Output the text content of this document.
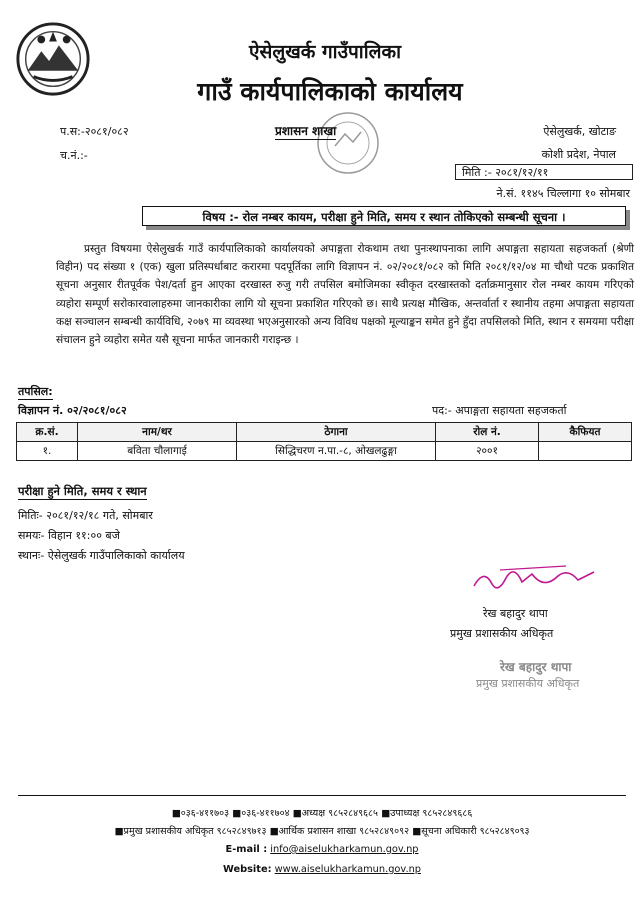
ऐसेलुखर्क गाउँपालिका
गाउँ कार्यपालिकाको कार्यालय
प.स:-२०८१/०८२
च.नं.:-
प्रशासन शाखा	ऐसेलुखर्क, खोटाङ
कोशी प्रदेश, नेपाल
मिति :- २०८१/१२/११
ने.सं. ११४५ चिल्लागा १० सोमबार
विषय :- रोल नम्बर कायम, परीक्षा हुने मिति, समय र स्थान तोकिएको सम्बन्धी सूचना ।
प्रस्तुत विषयमा ऐसेलुखर्क गाउँ कार्यपालिकाको कार्यालयको अपाङ्गता रोकथाम तथा पुनःस्थापनाका लागि अपाङ्गता सहायता सहजकर्ता (श्रेणी विहीन) पद संख्या १ (एक) खुला प्रतिस्पर्धाबाट करारमा पदपूर्तिका लागि विज्ञापन नं. ०२/२०८१/०८२ को मिति २०८१/१२/०४ मा चौथो पटक प्रकाशित सूचना अनुसार रीतपूर्वक पेश/दर्ता हुन आएका दरखास्त रुजु गरी तपसिल बमोजिमका स्वीकृत दरखास्तको दर्ताक्रमानुसार रोल नम्बर कायम गरिएको व्यहोरा सम्पूर्ण सरोकारवालाहरुमा जानकारीका लागि यो सूचना प्रकाशित गरिएको छ। साथै प्रत्यक्ष मौखिक, अन्तर्वार्ता र स्थानीय तहमा अपाङ्गता सहायता कक्ष सञ्चालन सम्बन्धी कार्यविधि, २०७९ मा व्यवस्था भएअनुसारको अन्य विविध पक्षको मूल्याङ्कन समेत हुने हुँदा तपसिलको मिति, स्थान र समयमा परीक्षा संचालन हुने व्यहोरा समेत यसै सूचना मार्फत जानकारी गराइन्छ ।
तपसिल:
विज्ञापन नं. ०२/२०८१/०८२	पद:- अपाङ्गता सहायता सहजकर्ता
क्र.सं.	नाम/थर	ठेगाना	रोल नं.	कैफियत
१.	बविता चौलागाई	सिद्धिचरण न.पा.-८, ओखलढुङ्गा	२००१	
परीक्षा हुने मिति, समय र स्थान
मितिः- २०८१/१२/१८ गते, सोमबार
समयः- विहान ११:०० बजे
स्थानः- ऐसेलुखर्क गाउँपालिकाको कार्यालय
रेख बहादुर थापा
प्रमुख प्रशासकीय अधिकृत
रेख बहादुर थापा
प्रमुख प्रशासकीय अधिकृत
■०३६-४११७०३ ■०३६-४११७०४ ■अध्यक्ष ९८५२८४९६८५ ■उपाध्यक्ष ९८५२८४९६८६
■प्रमुख प्रशासकीय अधिकृत ९८५२८४९७१३ ■आर्थिक प्रशासन शाखा ९८५२८४९०९२ ■सूचना अधिकारी ९८५२८४९०९३
E-mail : info@aiselukharkamun.gov.np
Website: www.aiselukharkamun.gov.np
